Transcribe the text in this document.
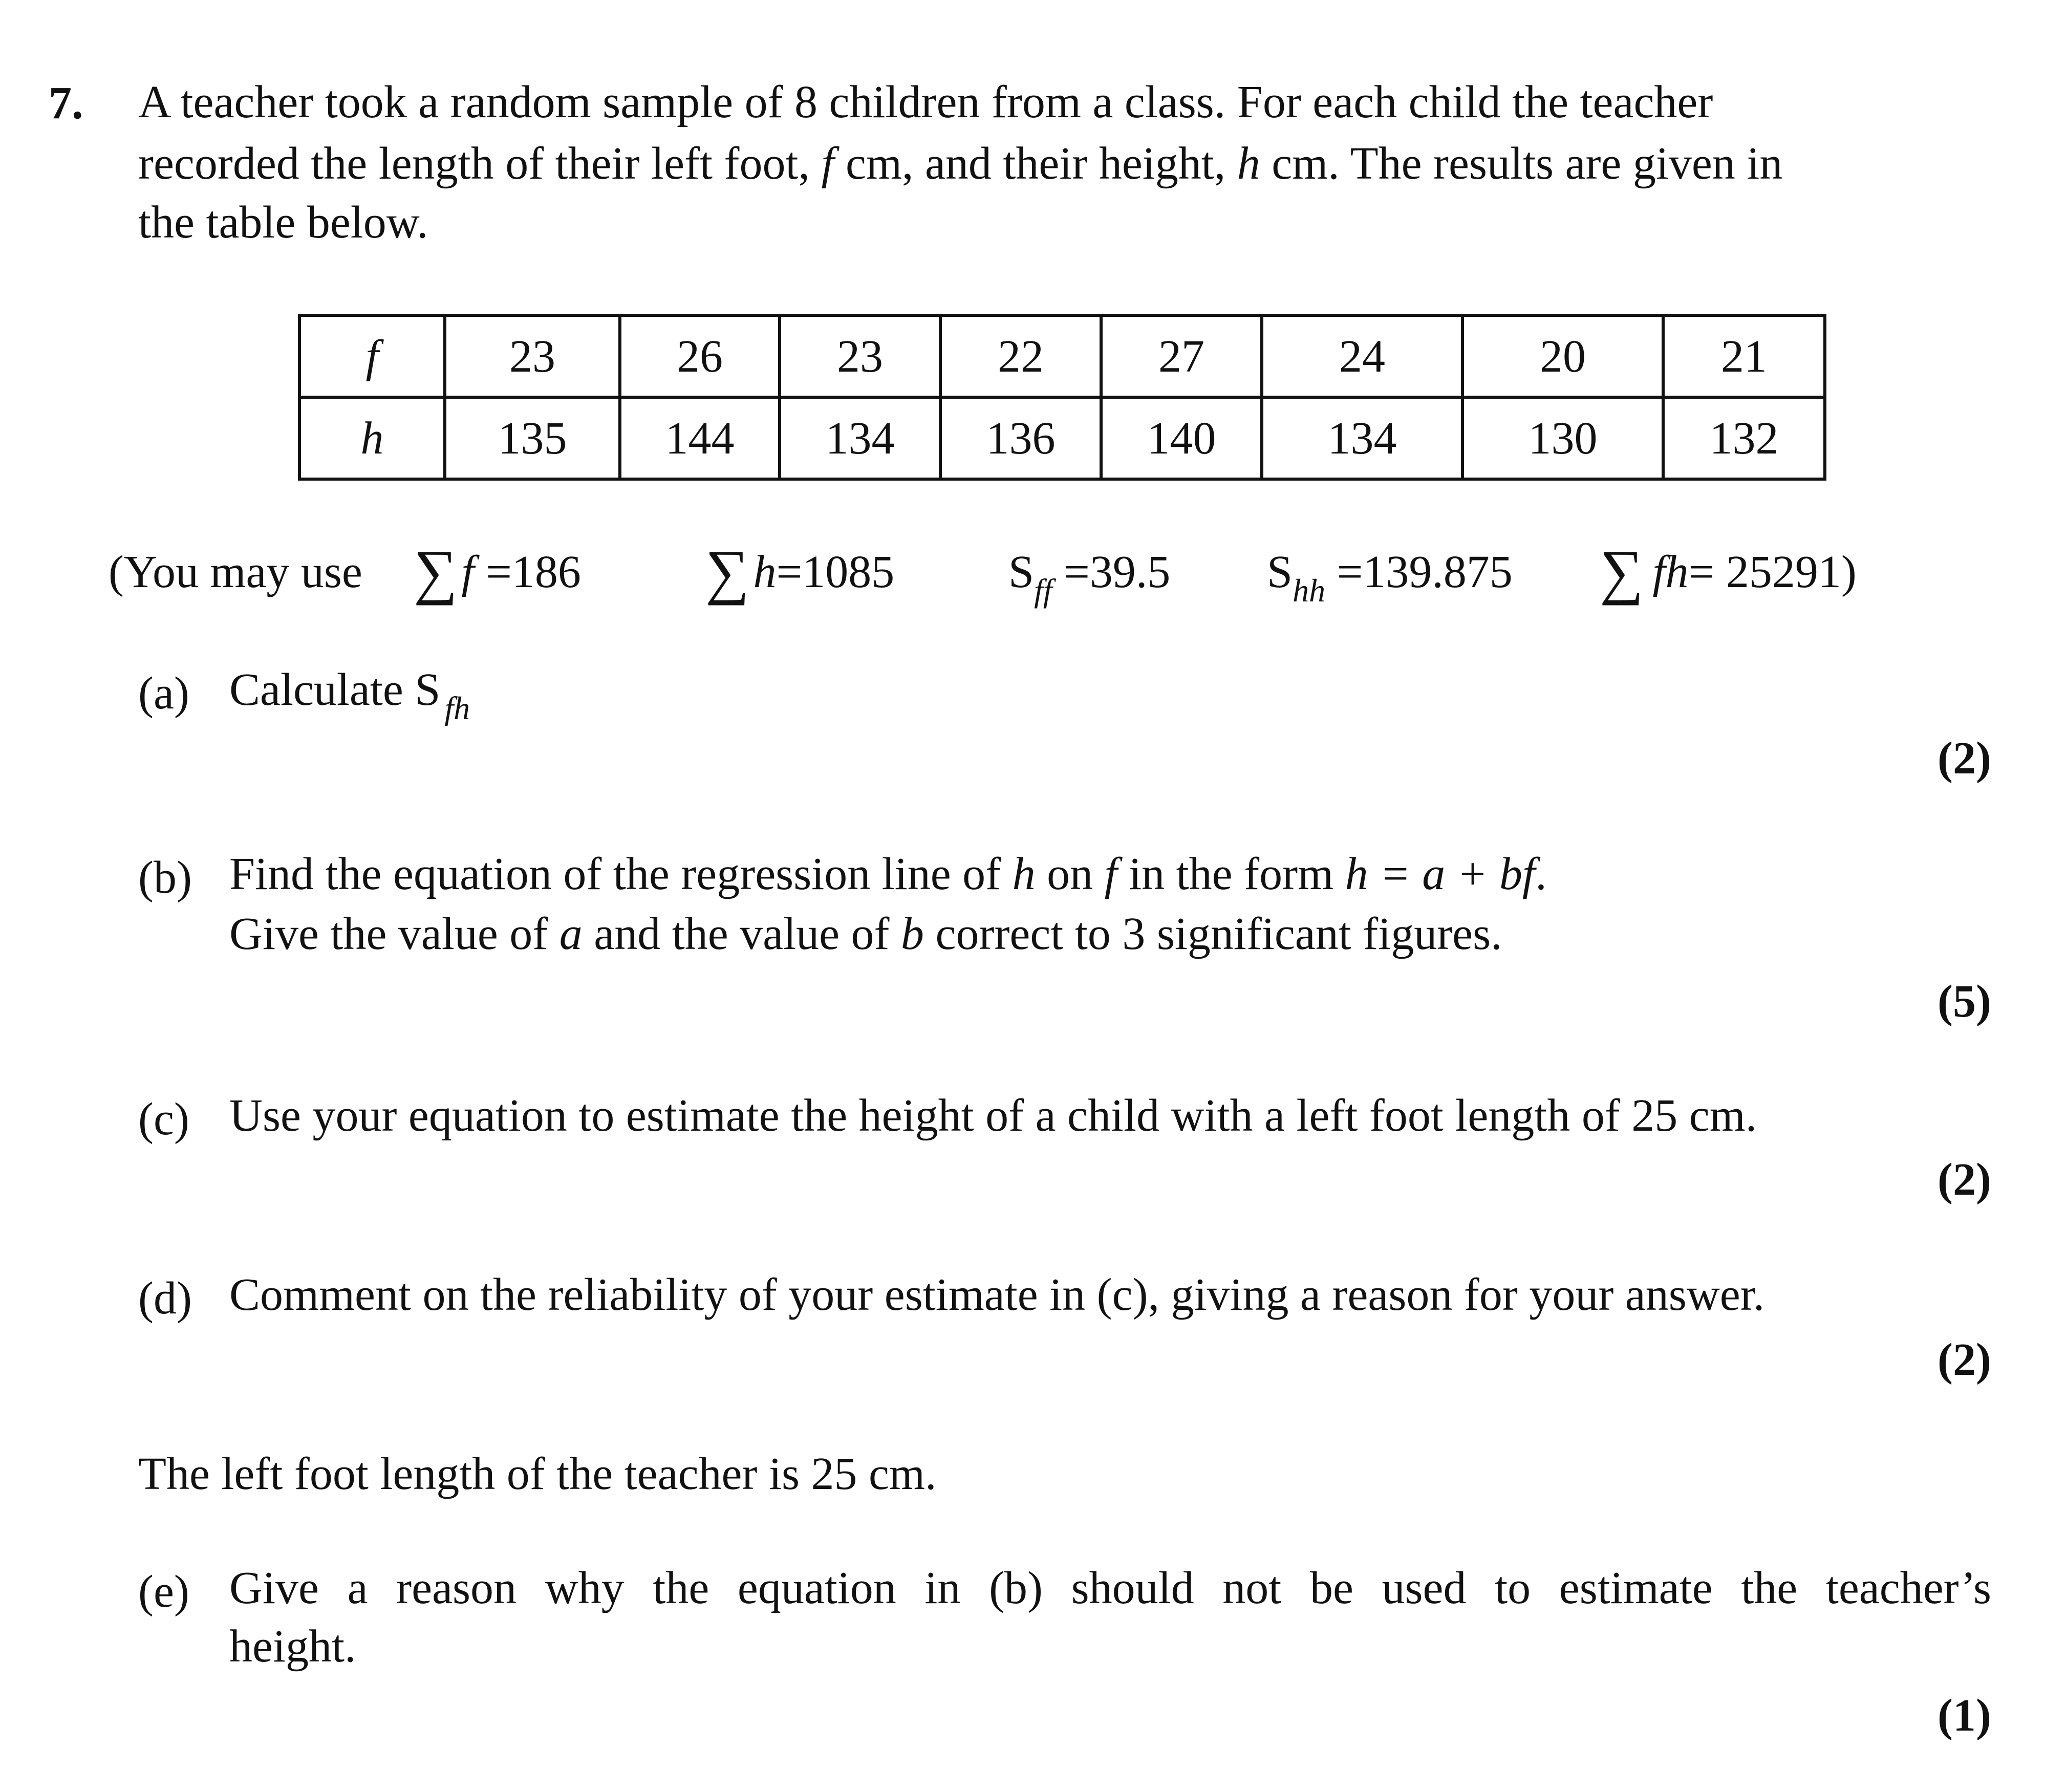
7. A teacher took a random sample of 8 children from a class. For each child the teacher
recorded the length of their left foot, f cm, and their height, h cm. The results are given in
the table below.
f	23	26	23	22	27	24	20	21
h	135	144	134	136	140	134	130	132
(You may use ∑f =186 ∑h=1085 $S_{ff} =39.5$ $S_{hh} =139.875$ ∑ fh= 25291)
(a) Calculate S $_{fh}$
(2)
(b) Find the equation of the regression line of h on f in the form h = a + bf.
Give the value of a and the value of b correct to 3 significant figures.
(5)
(c) Use your equation to estimate the height of a child with a left foot length of 25 cm.
(2)
(d) Comment on the reliability of your estimate in (c), giving a reason for your answer.
(2)
The left foot length of the teacher is 25 cm.
(e) Give a reason why the equation in (b) should not be used to estimate the teacher’s
height.
(1)
